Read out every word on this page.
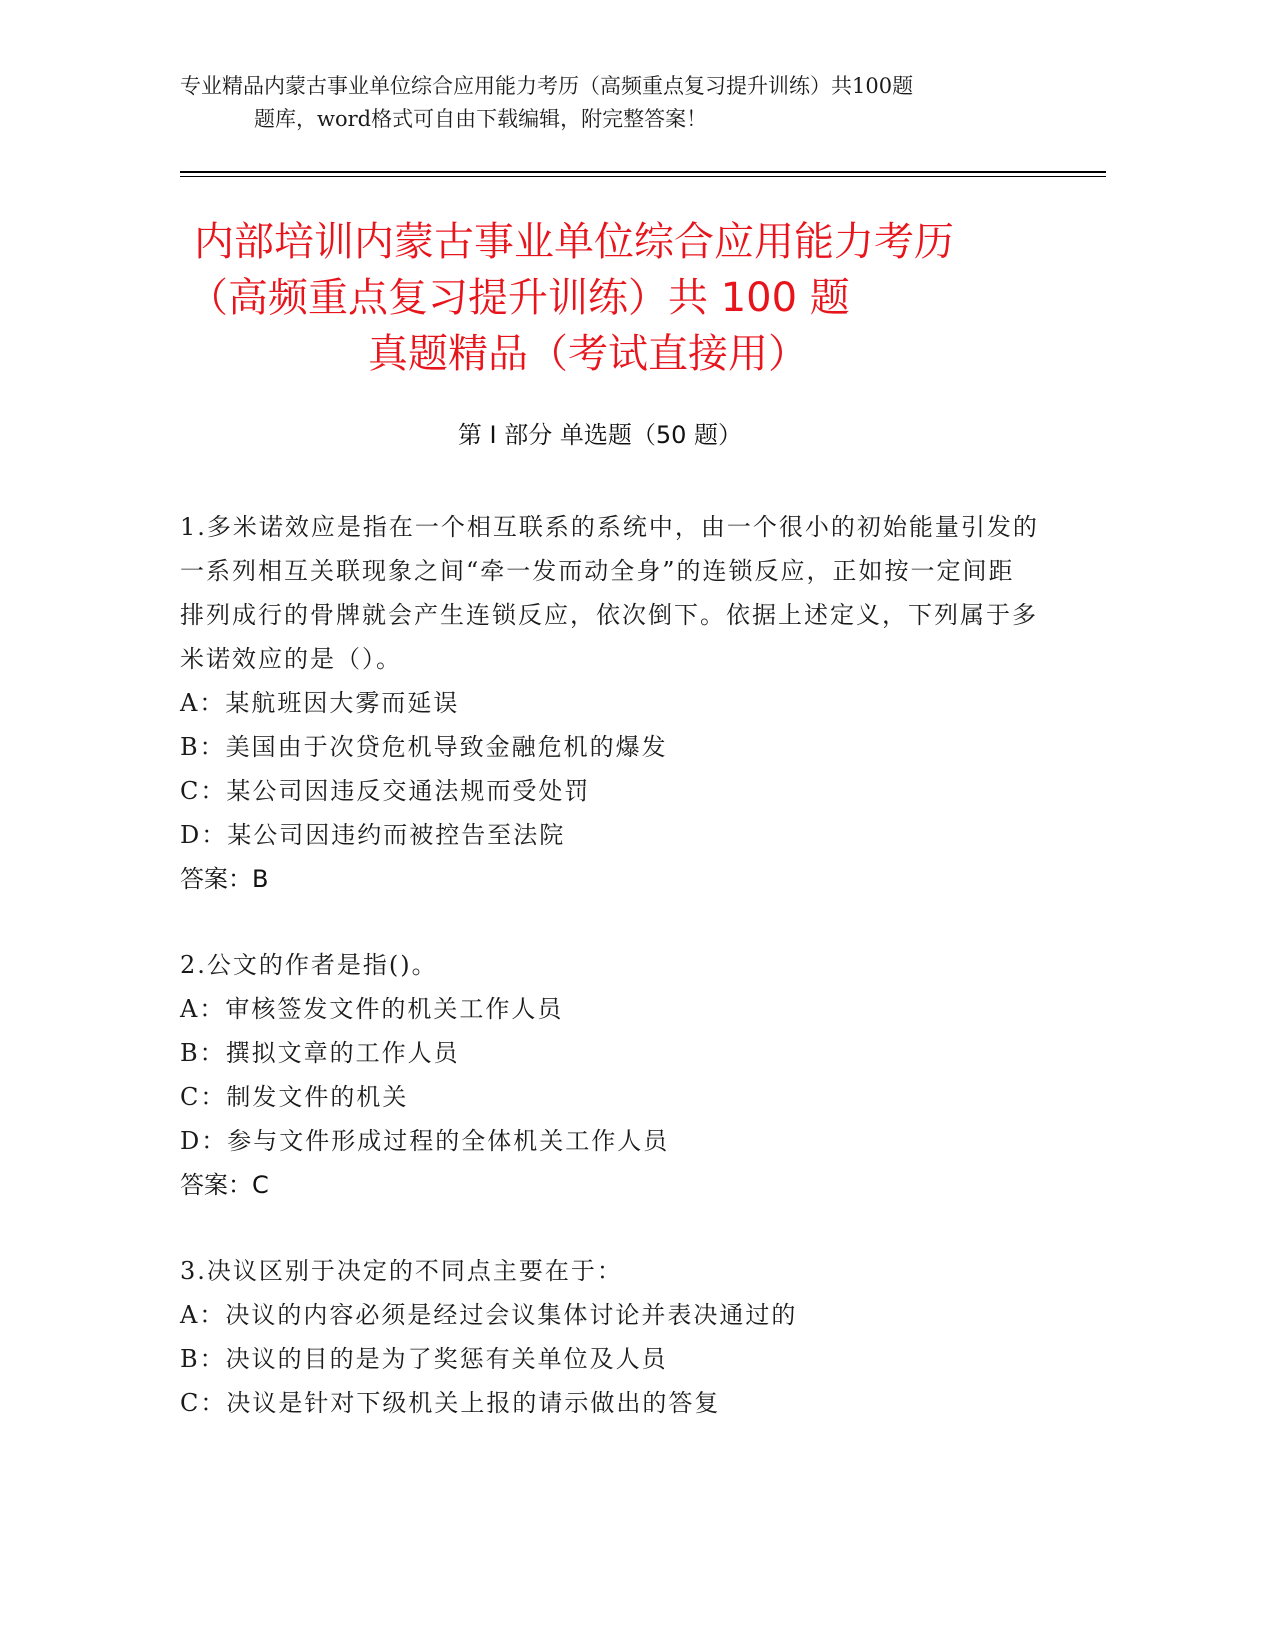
专业精品内蒙古事业单位综合应用能力考历（高频重点复习提升训练）共100题
题库，word格式可自由下载编辑，附完整答案！
内部培训内蒙古事业单位综合应用能力考历
（高频重点复习提升训练）共 100 题
真题精品（考试直接用）
第 I 部分 单选题（50 题）
1.多米诺效应是指在一个相互联系的系统中，由一个很小的初始能量引发的一系列相互关联现象之间“牵一发而动全身”的连锁反应，正如按一定间距排列成行的骨牌就会产生连锁反应，依次倒下。依据上述定义，下列属于多米诺效应的是（）。
A：某航班因大雾而延误
B：美国由于次贷危机导致金融危机的爆发
C：某公司因违反交通法规而受处罚
D：某公司因违约而被控告至法院
答案：B
2.公文的作者是指()。
A：审核签发文件的机关工作人员
B：撰拟文章的工作人员
C：制发文件的机关
D：参与文件形成过程的全体机关工作人员
答案：C
3.决议区别于决定的不同点主要在于：
A：决议的内容必须是经过会议集体讨论并表决通过的
B：决议的目的是为了奖惩有关单位及人员
C：决议是针对下级机关上报的请示做出的答复
